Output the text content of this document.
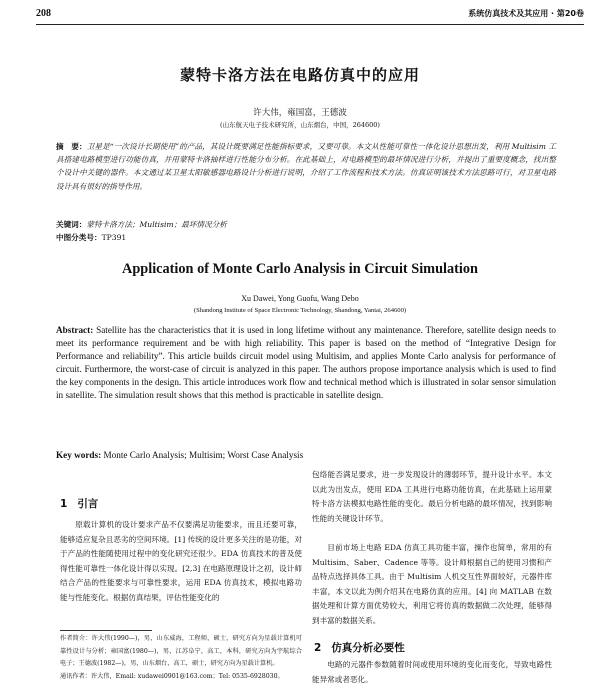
208	系统仿真技术及其应用 · 第20卷
蒙特卡洛方法在电路仿真中的应用
许大伟，雍国富，王德波
(山东航天电子技术研究所，山东烟台，中国，264600)
摘　要：卫星是“一次设计长期使用”的产品，其设计既要满足性能指标要求，又要可靠。本文从性能可靠性一体化设计思想出发，利用 Multisim 工具搭建电路模型进行功能仿真，并用蒙特卡洛抽样进行性能分布分析。在此基础上，对电路模型的最坏情况进行分析，并提出了重要度概念，找出整个设计中关键的器件。本文通过某卫星太阳敏感器电路设计分析进行说明，介绍了工作流程和技术方法。仿真证明该技术方法思路可行，对卫星电路设计具有很好的指导作用。
关键词：蒙特卡洛方法；Multisim；最坏情况分析
中图分类号：TP391
Application of Monte Carlo Analysis in Circuit Simulation
Xu Dawei, Yong Guofu, Wang Debo
(Shandong Institute of Space Electronic Technology, Shandong, Yantai, 264600)
Abstract: Satellite has the characteristics that it is used in long lifetime without any maintenance. Therefore, satellite design needs to meet its performance requirement and be with high reliability. This paper is based on the method of “Integrative Design for Performance and reliability”. This article builds circuit model using Multisim, and applies Monte Carlo analysis for performance of circuit. Furthermore, the worst-case of circuit is analyzed in this paper. The authors propose importance analysis which is used to find the key components in the design. This article introduces work flow and technical method which is illustrated in solar sensor simulation in satellite. The simulation result shows that this method is practicable in satellite design.
Key words: Monte Carlo Analysis; Multisim; Worst Case Analysis
1 引言
原载计算机的设计要求产品不仅要满足功能要求，而且还要可靠，能够适应复杂且恶劣的空间环境。[1] 传统的设计更多关注的是功能，对于产品的性能随使用过程中的变化研究还很少。EDA 仿真技术的普及使得性能可靠性一体化设计得以实现。[2,3] 在电路原理设计之初，设计师结合产品的性能要求与可靠性要求，运用 EDA 仿真技术，模拟电路功能与性能变化。根据仿真结果，评估性能变化的
作者简介：许大伟(1990—)，男，山东威海，工程师，硕士，研究方向为星载计算机可靠性设计与分析；雍国富(1980—)，男，江苏阜宁，高工，本科，研究方向为宇航综合电子；王德波(1982—)，男，山东烟台，高工，硕士，研究方向为星载计算机。
通讯作者：许大伟，Email: xudawei0901@163.com；Tel: 0535-6928030。
包络能否满足要求，进一步发现设计的薄弱环节，提升设计水平。本文以此为出发点，使用 EDA 工具进行电路功能仿真，在此基础上运用蒙特卡洛方法模拟电路性能的变化。最后分析电路的最坏情况，找到影响性能的关键设计环节。
目前市场上电路 EDA 仿真工具功能丰富，操作也简单，常用的有 Multisim、Saber、Cadence 等等。设计师根据自己的使用习惯和产品特点选择具体工具。由于 Multisim 人机交互性界面较好，元器件库丰富，本文以此为例介绍其在电路仿真的应用。[4] 向 MATLAB 在数据处理和计算方面优势较大，利用它将仿真的数据做二次处理，能够得到丰富的数据关系。
2 仿真分析必要性
电路的元器件参数随着时间或使用环境的变化而变化，导致电路性能异常或者恶化。
